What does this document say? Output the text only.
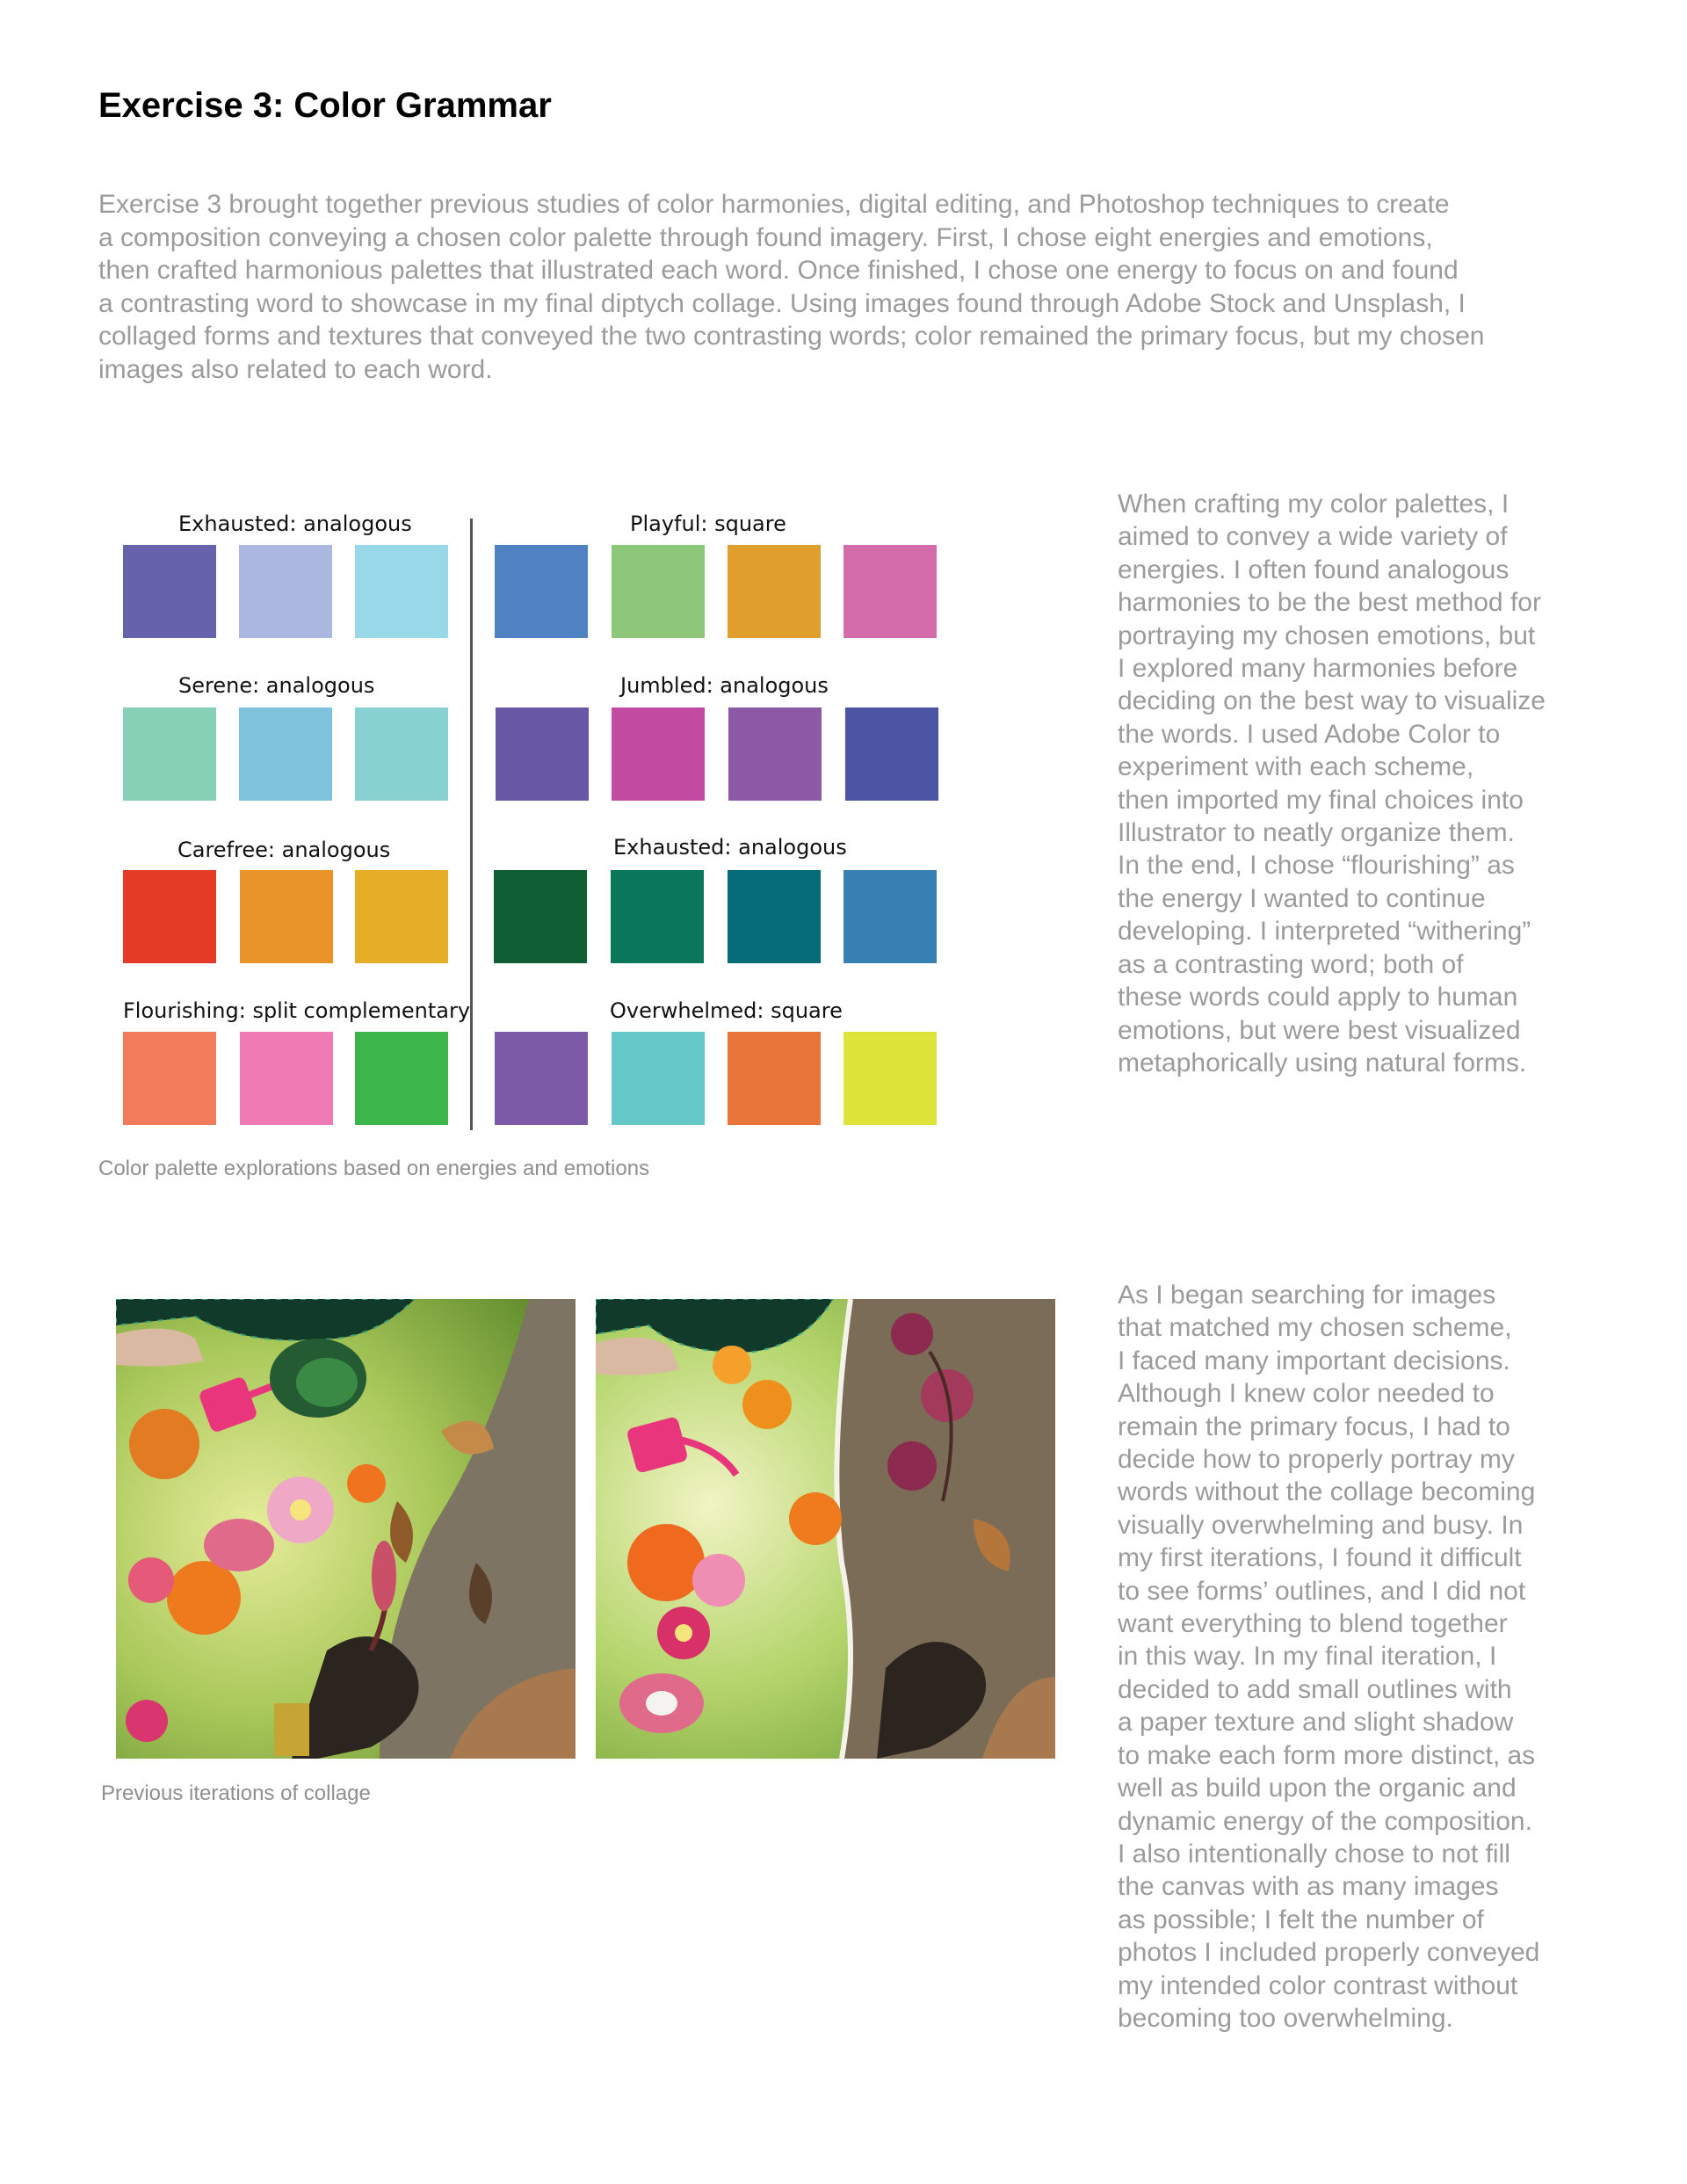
Exercise 3: Color Grammar
Exercise 3 brought together previous studies of color harmonies, digital editing, and Photoshop techniques to create
a composition conveying a chosen color palette through found imagery. First, I chose eight energies and emotions,
then crafted harmonious palettes that illustrated each word. Once finished, I chose one energy to focus on and found
a contrasting word to showcase in my final diptych collage. Using images found through Adobe Stock and Unsplash, I
collaged forms and textures that conveyed the two contrasting words; color remained the primary focus, but my chosen
images also related to each word.
Exhausted: analogous
Serene: analogous
Carefree: analogous
Flourishing: split complementary
Playful: square
Jumbled: analogous
Exhausted: analogous
Overwhelmed: square

Color palette explorations based on energies and emotions

When crafting my color palettes, I
aimed to convey a wide variety of
energies. I often found analogous
harmonies to be the best method for
portraying my chosen emotions, but
I explored many harmonies before
deciding on the best way to visualize
the words. I used Adobe Color to
experiment with each scheme,
then imported my final choices into
Illustrator to neatly organize them.
In the end, I chose “flourishing” as
the energy I wanted to continue
developing. I interpreted “withering”
as a contrasting word; both of
these words could apply to human
emotions, but were best visualized
metaphorically using natural forms.

Previous iterations of collage

As I began searching for images
that matched my chosen scheme,
I faced many important decisions.
Although I knew color needed to
remain the primary focus, I had to
decide how to properly portray my
words without the collage becoming
visually overwhelming and busy. In
my first iterations, I found it difficult
to see forms’ outlines, and I did not
want everything to blend together
in this way. In my final iteration, I
decided to add small outlines with
a paper texture and slight shadow
to make each form more distinct, as
well as build upon the organic and
dynamic energy of the composition.
I also intentionally chose to not fill
the canvas with as many images
as possible; I felt the number of
photos I included properly conveyed
my intended color contrast without
becoming too overwhelming.
